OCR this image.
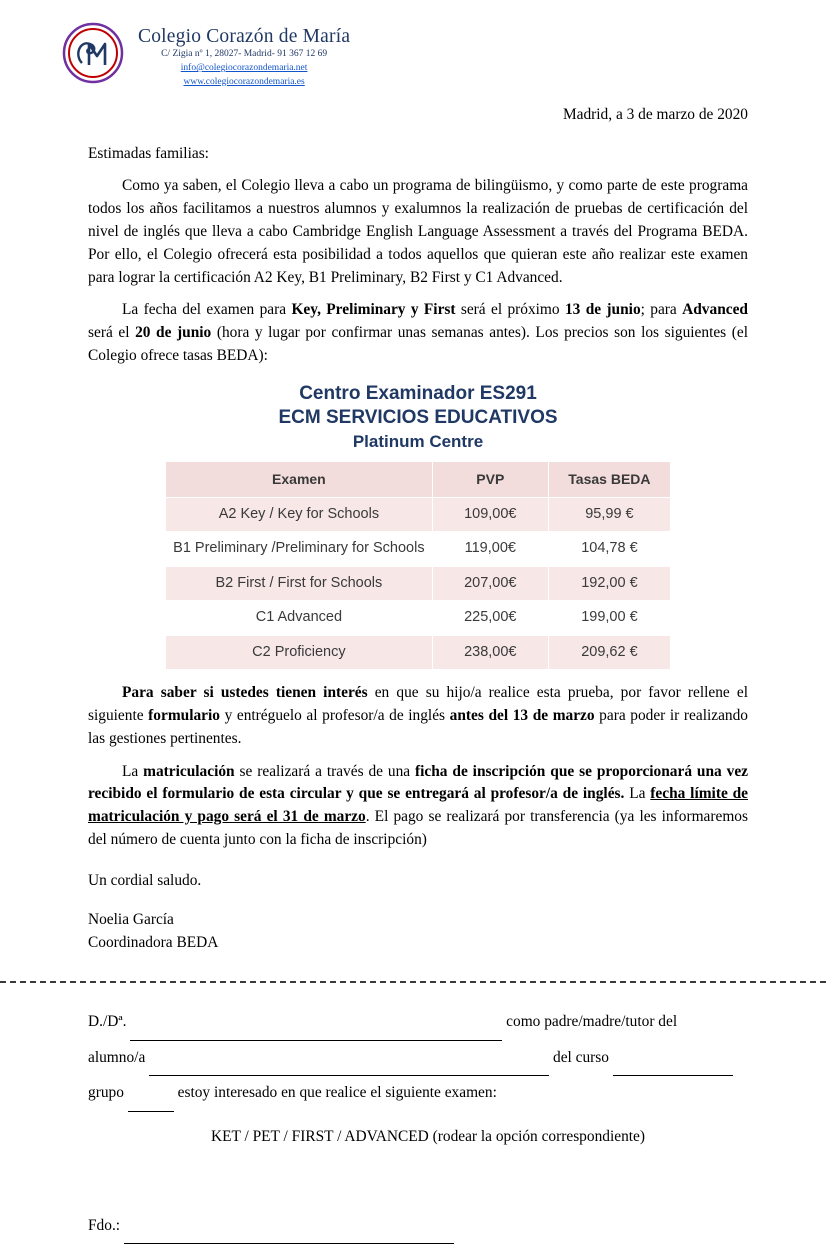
Colegio Corazón de María
C/ Zigia nº 1, 28027- Madrid- 91 367 12 69
info@colegiocorazondemaria.net
www.colegiocorazondemaria.es
Madrid, a 3 de marzo de 2020
Estimadas familias:

Como ya saben, el Colegio lleva a cabo un programa de bilingüismo, y como parte de este programa todos los años facilitamos a nuestros alumnos y exalumnos la realización de pruebas de certificación del nivel de inglés que lleva a cabo Cambridge English Language Assessment a través del Programa BEDA. Por ello, el Colegio ofrecerá esta posibilidad a todos aquellos que quieran este año realizar este examen para lograr la certificación A2 Key, B1 Preliminary, B2 First y C1 Advanced.

La fecha del examen para Key, Preliminary y First será el próximo 13 de junio; para Advanced será el 20 de junio (hora y lugar por confirmar unas semanas antes). Los precios son los siguientes (el Colegio ofrece tasas BEDA):

Centro Examinador ES291
ECM SERVICIOS EDUCATIVOS
Platinum Centre
Examen	PVP	Tasas BEDA
A2 Key / Key for Schools	109,00€	95,99 €
B1 Preliminary /Preliminary for Schools	119,00€	104,78 €
B2 First / First for Schools	207,00€	192,00 €
C1 Advanced	225,00€	199,00 €
C2 Proficiency	238,00€	209,62 €

Para saber si ustedes tienen interés en que su hijo/a realice esta prueba, por favor rellene el siguiente formulario y entréguelo al profesor/a de inglés antes del 13 de marzo para poder ir realizando las gestiones pertinentes.

La matriculación se realizará a través de una ficha de inscripción que se proporcionará una vez recibido el formulario de esta circular y que se entregará al profesor/a de inglés. La fecha límite de matriculación y pago será el 31 de marzo. El pago se realizará por transferencia (ya les informaremos del número de cuenta junto con la ficha de inscripción)

Un cordial saludo.
Noelia García
Coordinadora BEDA
D./Dª.	como padre/madre/tutor del
alumno/a	del curso
grupo	estoy interesado en que realice el siguiente examen:
KET / PET / FIRST / ADVANCED (rodear la opción correspondiente)
Fdo.:
